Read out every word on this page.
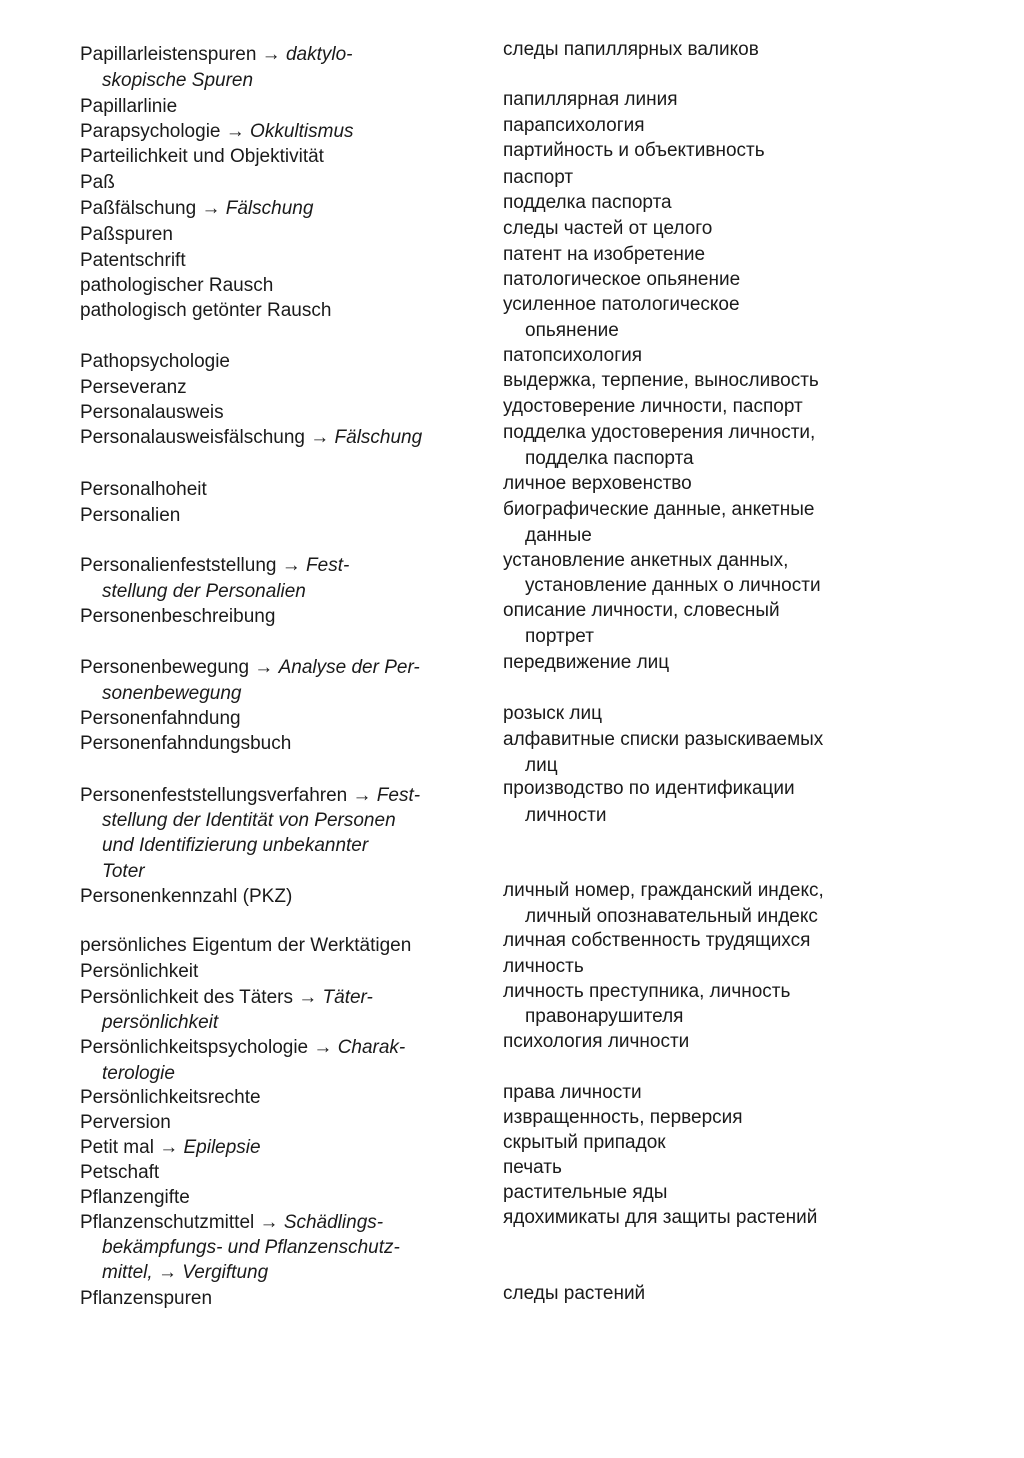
Papillarleistenspuren → daktylo-
skopische Spuren
Papillarlinie
Parapsychologie → Okkultismus
Parteilichkeit und Objektivität
Paß
Paßfälschung → Fälschung
Paßspuren
Patentschrift
pathologischer Rausch
pathologisch getönter Rausch
Pathopsychologie
Perseveranz
Personalausweis
Personalausweisfälschung → Fälschung
Personalhoheit
Personalien
Personalienfeststellung → Fest-
stellung der Personalien
Personenbeschreibung
Personenbewegung → Analyse der Per-
sonenbewegung
Personenfahndung
Personenfahndungsbuch
Personenfeststellungsverfahren → Fest-
stellung der Identität von Personen
und Identifizierung unbekannter
Toter
Personenkennzahl (PKZ)
persönliches Eigentum der Werktätigen
Persönlichkeit
Persönlichkeit des Täters → Täter-
persönlichkeit
Persönlichkeitspsychologie → Charak-
terologie
Persönlichkeitsrechte
Perversion
Petit mal → Epilepsie
Petschaft
Pflanzengifte
Pflanzenschutzmittel → Schädlings-
bekämpfungs- und Pflanzenschutz-
mittel, → Vergiftung
Pflanzenspuren
следы папиллярных валиков
папиллярная линия
парапсихология
партийность и объективность
паспорт
подделка паспорта
следы частей от целого
патент на изобретение
патологическое опьянение
усиленное патологическое
опьянение
патопсихология
выдержка, терпение, выносливость
удостоверение личности, паспорт
подделка удостоверения личности,
подделка паспорта
личное верховенство
биографические данные, анкетные
данные
установление анкетных данных,
установление данных о личности
описание личности, словесный
портрет
передвижение лиц
розыск лиц
алфавитные списки разыскиваемых
лиц
производство по идентификации
личности
личный номер, гражданский индекс,
личный опознавательный индекс
личная собственность трудящихся
личность
личность преступника, личность
правонарушителя
психология личности
права личности
извращенность, перверсия
скрытый припадок
печать
растительные яды
ядохимикаты для защиты растений
следы растений
